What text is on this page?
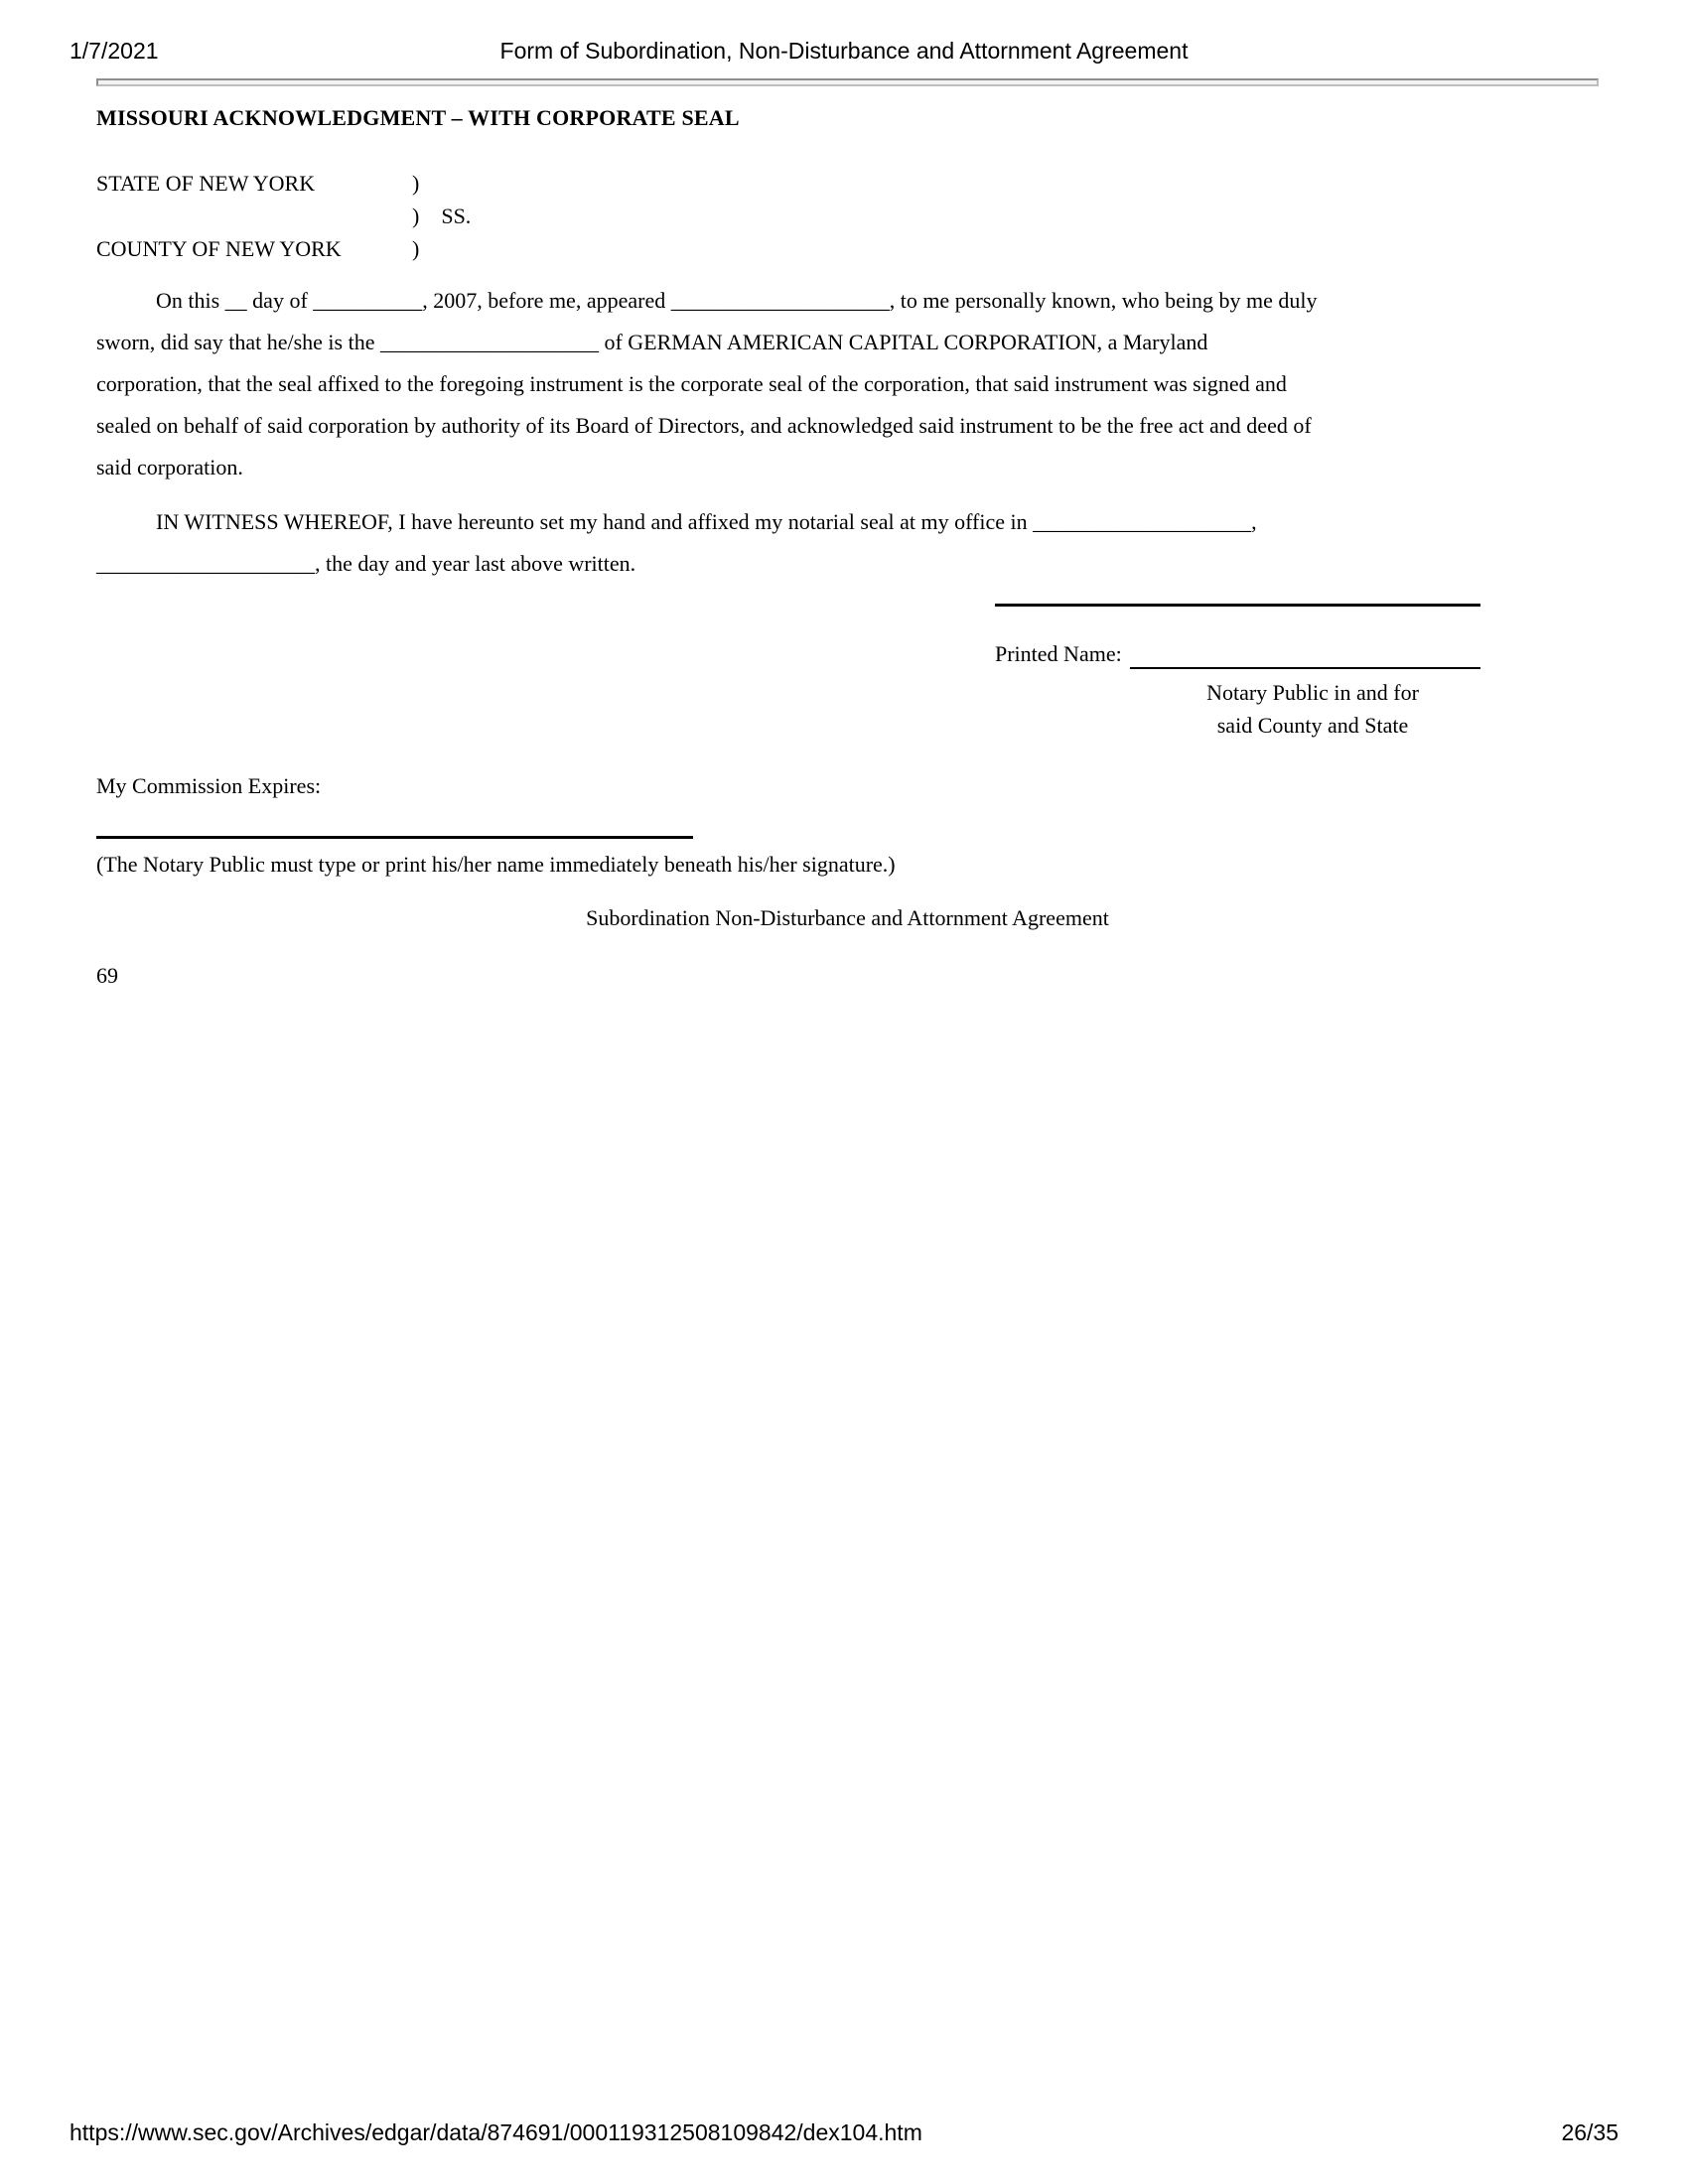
1/7/2021	Form of Subordination, Non-Disturbance and Attornment Agreement
MISSOURI ACKNOWLEDGMENT – WITH CORPORATE SEAL
STATE OF NEW YORK	)
) SS.
COUNTY OF NEW YORK	)
On this __ day of __________, 2007, before me, appeared ____________________, to me personally known, who being by me duly
sworn, did say that he/she is the ____________________ of GERMAN AMERICAN CAPITAL CORPORATION, a Maryland
corporation, that the seal affixed to the foregoing instrument is the corporate seal of the corporation, that said instrument was signed and
sealed on behalf of said corporation by authority of its Board of Directors, and acknowledged said instrument to be the free act and deed of
said corporation.
IN WITNESS WHEREOF, I have hereunto set my hand and affixed my notarial seal at my office in ____________________,
____________________, the day and year last above written.
Printed Name:
Notary Public in and for
said County and State
My Commission Expires:
(The Notary Public must type or print his/her name immediately beneath his/her signature.)
Subordination Non-Disturbance and Attornment Agreement
69
https://www.sec.gov/Archives/edgar/data/874691/000119312508109842/dex104.htm	26/35
